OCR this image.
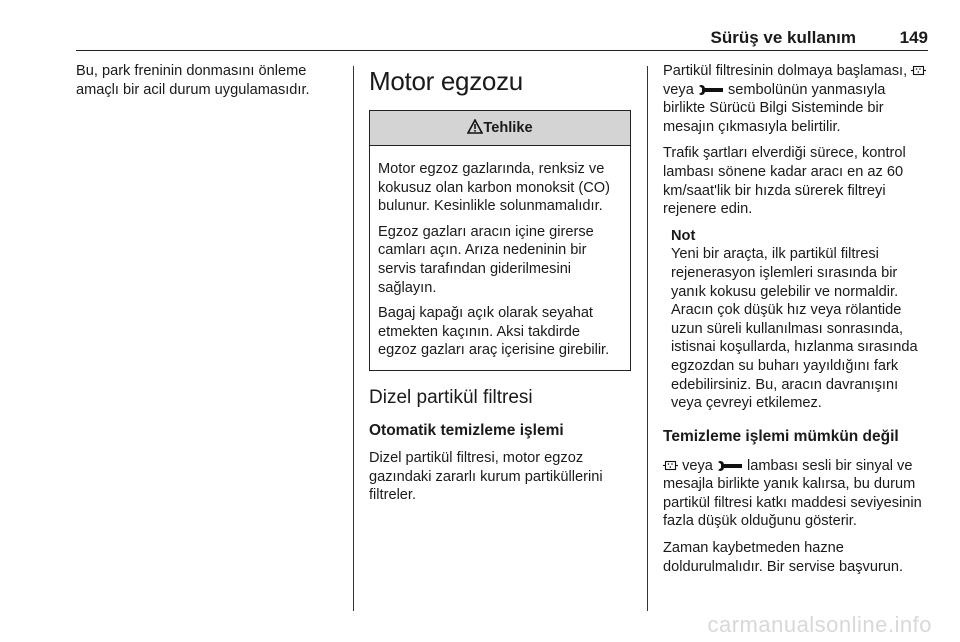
Sürüş ve kullanım	149

Bu, park freninin donmasını önleme amaçlı bir acil durum uygulamasıdır.	Motor egzozu
Tehlike

Motor egzoz gazlarında, renksiz ve kokusuz olan karbon monoksit (CO) bulunur. Kesinlikle solunmamalıdır.

Egzoz gazları aracın içine girerse camları açın. Arıza nedeninin bir servis tarafından giderilmesini sağlayın.

Bagaj kapağı açık olarak seyahat etmekten kaçının. Aksi takdirde egzoz gazları araç içerisine girebilir.

Dizel partikül filtresi
Otomatik temizleme işlemi

Dizel partikül filtresi, motor egzoz gazındaki zararlı kurum partiküllerini filtreler.

Partikül filtresinin dolmaya başlaması,  veya sembolünün yanmasıyla birlikte Sürücü Bilgi Sisteminde bir mesajın çıkmasıyla belirtilir.

Trafik şartları elverdiği sürece, kontrol lambası sönene kadar aracı en az 60 km/saat'lik bir hızda sürerek filtreyi rejenere edin.

Not
Yeni bir araçta, ilk partikül filtresi rejenerasyon işlemleri sırasında bir yanık kokusu gelebilir ve normaldir. Aracın çok düşük hız veya rölantide uzun süreli kullanılması sonrasında, istisnai koşullarda, hızlanma sırasında egzozdan su buharı yayıldığını fark edebilirsiniz. Bu, aracın davranışını veya çevreyi etkilemez.
Temizleme işlemi mümkün değil

veya lambası sesli bir sinyal ve mesajla birlikte yanık kalırsa, bu durum partikül filtresi katkı maddesi seviyesinin fazla düşük olduğunu gösterir.

Zaman kaybetmeden hazne doldurulmalıdır. Bir servise başvurun.

carmanualsonline.info
